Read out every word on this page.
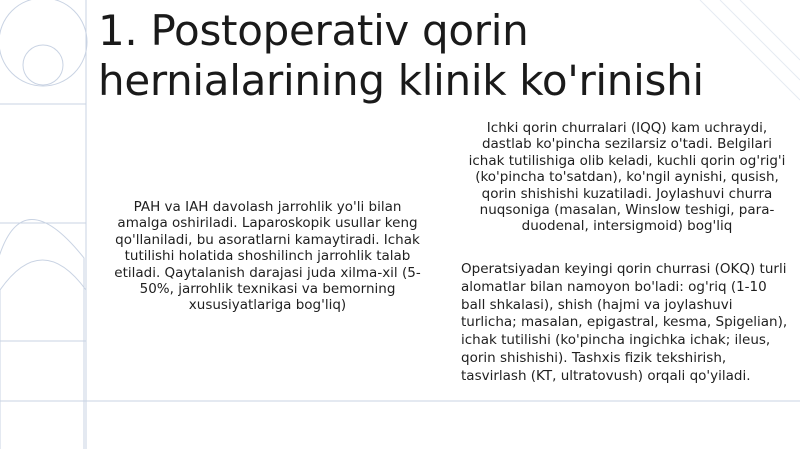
1. Postoperativ qorin hernialarining klinik ko'rinishi
PAH va IAH davolash jarrohlik yo'li bilan amalga oshiriladi. Laparoskopik usullar keng qo'llaniladi, bu asoratlarni kamaytiradi. Ichak tutilishi holatida shoshilinch jarrohlik talab etiladi. Qaytalanish darajasi juda xilma-xil (5-50%, jarrohlik texnikasi va bemorning xususiyatlariga bog'liq)
Ichki qorin churralari (IQQ) kam uchraydi, dastlab ko'pincha sezilarsiz o'tadi. Belgilari ichak tutilishiga olib keladi, kuchli qorin og'rig'i (ko'pincha to'satdan), ko'ngil aynishi, qusish, qorin shishishi kuzatiladi. Joylashuvi churra nuqsoniga (masalan, Winslow teshigi, para-duodenal, intersigmoid) bog'liq
Operatsiyadan keyingi qorin churrasi (OKQ) turli alomatlar bilan namoyon bo'ladi: og'riq (1-10 ball shkalasi), shish (hajmi va joylashuvi turlicha; masalan, epigastral, kesma, Spigelian), ichak tutilishi (ko'pincha ingichka ichak; ileus, qorin shishishi). Tashxis fizik tekshirish, tasvirlash (KT, ultratovush) orqali qo'yiladi.
